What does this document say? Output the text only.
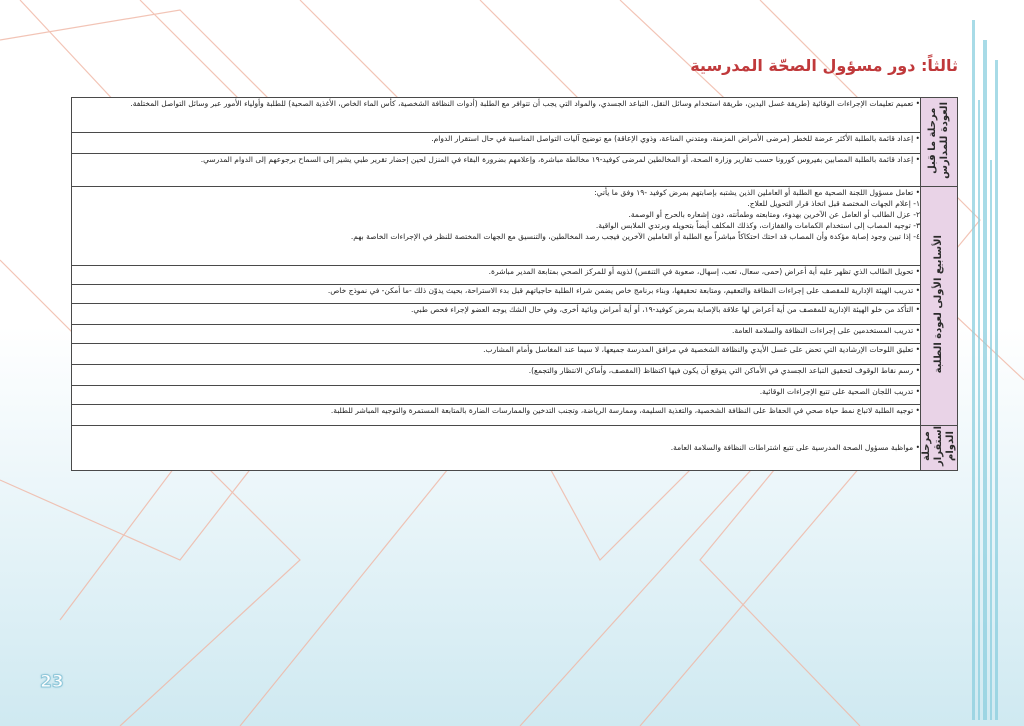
ثالثاً: دور مسؤول الصحّة المدرسية
مرحلة ما قبل
العودة للمدارس	• تعميم تعليمات الإجراءات الوقائية (طريقة غسل اليدين، طريقة استخدام وسائل النقل، التباعد الجسدي، والمواد التي يجب أن تتوافر مع الطلبة (أدوات النظافة الشخصية، كأس الماء الخاص، الأغذية الصحية) للطلبة وأولياء الأمور عبر وسائل التواصل المختلفة.

	• إعداد قائمة بالطلبة الأكثر عرضة للخطر (مرضى الأمراض المزمنة، ومتدني المناعة، وذوي الإعاقة) مع توضيح آليات التواصل المناسبة في حال استقرار الدوام.

	• إعداد قائمة بالطلبة المصابين بفيروس كورونا حسب تقارير وزارة الصحة، أو المخالطين لمرضى كوفيد-١٩ مخالطة مباشرة، وإعلامهم بضرورة البقاء في المنزل لحين إحضار تقرير طبي يشير إلى السماح برجوعهم إلى الدوام المدرسي.

الأسابيع الأولى لعودة الطلبة	• تعامل مسؤول اللجنة الصحية مع الطلبة أو العاملين الذين يشتبه بإصابتهم بمرض كوفيد -١٩ وفق ما يأتي:

١- إعلام الجهات المختصة قبل اتخاذ قرار التحويل للعلاج.

٢- عزل الطالب أو العامل عن الآخرين بهدوء، ومتابعته وطمأنته، دون إشعاره بالحرج أو الوصمة.

٣- توجيه المصاب إلى استخدام الكمامات والقفازات، وكذلك المكلف أيضاً بتحويله وبرتدي الملابس الواقية.

٤- إذا تبين وجود إصابة مؤكدة وأن المصاب قد احتك احتكاكاً مباشراً مع الطلبة أو العاملين الآخرين فيجب رصد المخالطين، والتنسيق مع الجهات المختصة للنظر في الإجراءات الخاصة بهم.

	• تحويل الطالب الذي تظهر عليه أية أعراض (حمى، سعال، تعب، إسهال، صعوبة في التنفس) لذويه أو للمركز الصحي بمتابعة المدير مباشرة.

	• تدريب الهيئة الإدارية للمقصف على إجراءات النظافة والتعقيم، ومتابعة تحقيقها، وبناء برنامج خاص يضمن شراء الطلبة حاجياتهم قبل بدء الاستراحة، بحيث يدوّن ذلك -ما أمكن- في نموذج خاص.

	• التأكد من خلو الهيئة الإدارية للمقصف من أية أعراض لها علاقة بالإصابة بمرض كوفيد-١٩، أو أية أمراض وبائية أخرى، وفي حال الشك يوجه العضو لإجراء فحص طبي.

	• تدريب المستخدمين على إجراءات النظافة والسلامة العامة.

	• تعليق اللوحات الإرشادية التي تحض على غسل الأيدي والنظافة الشخصية في مرافق المدرسة جميعها، لا سيما عند المغاسل وأمام المشارب.

	• رسم نقاط الوقوف لتحقيق التباعد الجسدي في الأماكن التي يتوقع أن يكون فيها اكتظاظ (المقصف، وأماكن الانتظار والتجمع).

	• تدريب اللجان الصحية على تتبع الإجراءات الوقائية.

	• توجيه الطلبة لاتباع نمط حياة صحي في الحفاظ على النظافة الشخصية، والتغذية السليمة، وممارسة الرياضة، وتجنب التدخين والممارسات الضارة بالمتابعة المستمرة والتوجيه المباشر للطلبة.

مرحلة
استقرار
الدوام	• مواظبة مسؤول الصحة المدرسية على تتبع اشتراطات النظافة والسلامة العامة.

23
